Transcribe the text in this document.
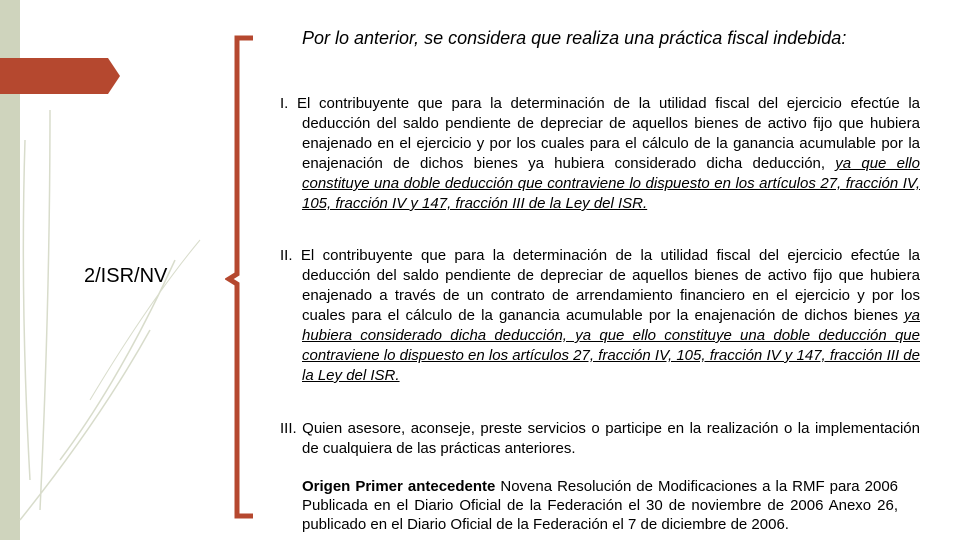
2/ISR/NV
Por lo anterior, se considera que realiza una práctica fiscal indebida:
I. El contribuyente que para la determinación de la utilidad fiscal del ejercicio efectúe la deducción del saldo pendiente de depreciar de aquellos bienes de activo fijo que hubiera enajenado en el ejercicio y por los cuales para el cálculo de la ganancia acumulable por la enajenación de dichos bienes ya hubiera considerado dicha deducción, ya que ello constituye una doble deducción que contraviene lo dispuesto en los artículos 27, fracción IV, 105, fracción IV y 147, fracción III de la Ley del ISR.
II. El contribuyente que para la determinación de la utilidad fiscal del ejercicio efectúe la deducción del saldo pendiente de depreciar de aquellos bienes de activo fijo que hubiera enajenado a través de un contrato de arrendamiento financiero en el ejercicio y por los cuales para el cálculo de la ganancia acumulable por la enajenación de dichos bienes ya hubiera considerado dicha deducción, ya que ello constituye una doble deducción que contraviene lo dispuesto en los artículos 27, fracción IV, 105, fracción IV y 147, fracción III de la Ley del ISR.
III. Quien asesore, aconseje, preste servicios o participe en la realización o la implementación de cualquiera de las prácticas anteriores.
Origen Primer antecedente Novena Resolución de Modificaciones a la RMF para 2006 Publicada en el Diario Oficial de la Federación el 30 de noviembre de 2006 Anexo 26, publicado en el Diario Oficial de la Federación el 7 de diciembre de 2006.
